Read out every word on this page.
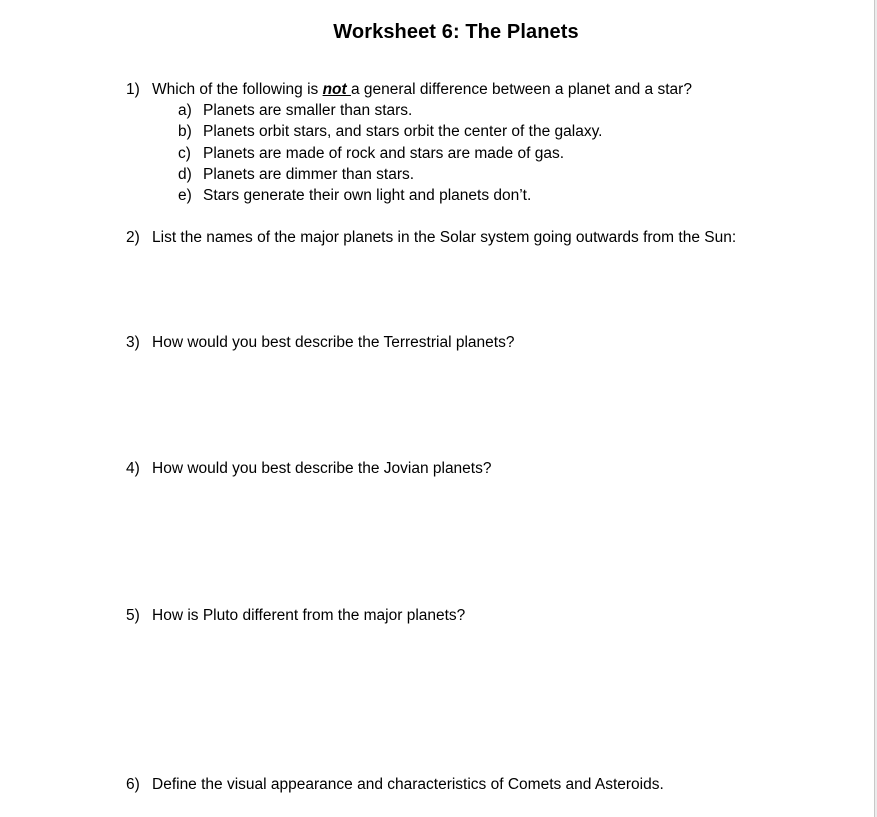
Worksheet 6: The Planets
1) Which of the following is not a general difference between a planet and a star?
a) Planets are smaller than stars.
b) Planets orbit stars, and stars orbit the center of the galaxy.
c) Planets are made of rock and stars are made of gas.
d) Planets are dimmer than stars.
e) Stars generate their own light and planets don’t.
2) List the names of the major planets in the Solar system going outwards from the Sun:
3) How would you best describe the Terrestrial planets?
4) How would you best describe the Jovian planets?
5) How is Pluto different from the major planets?
6) Define the visual appearance and characteristics of Comets and Asteroids.
